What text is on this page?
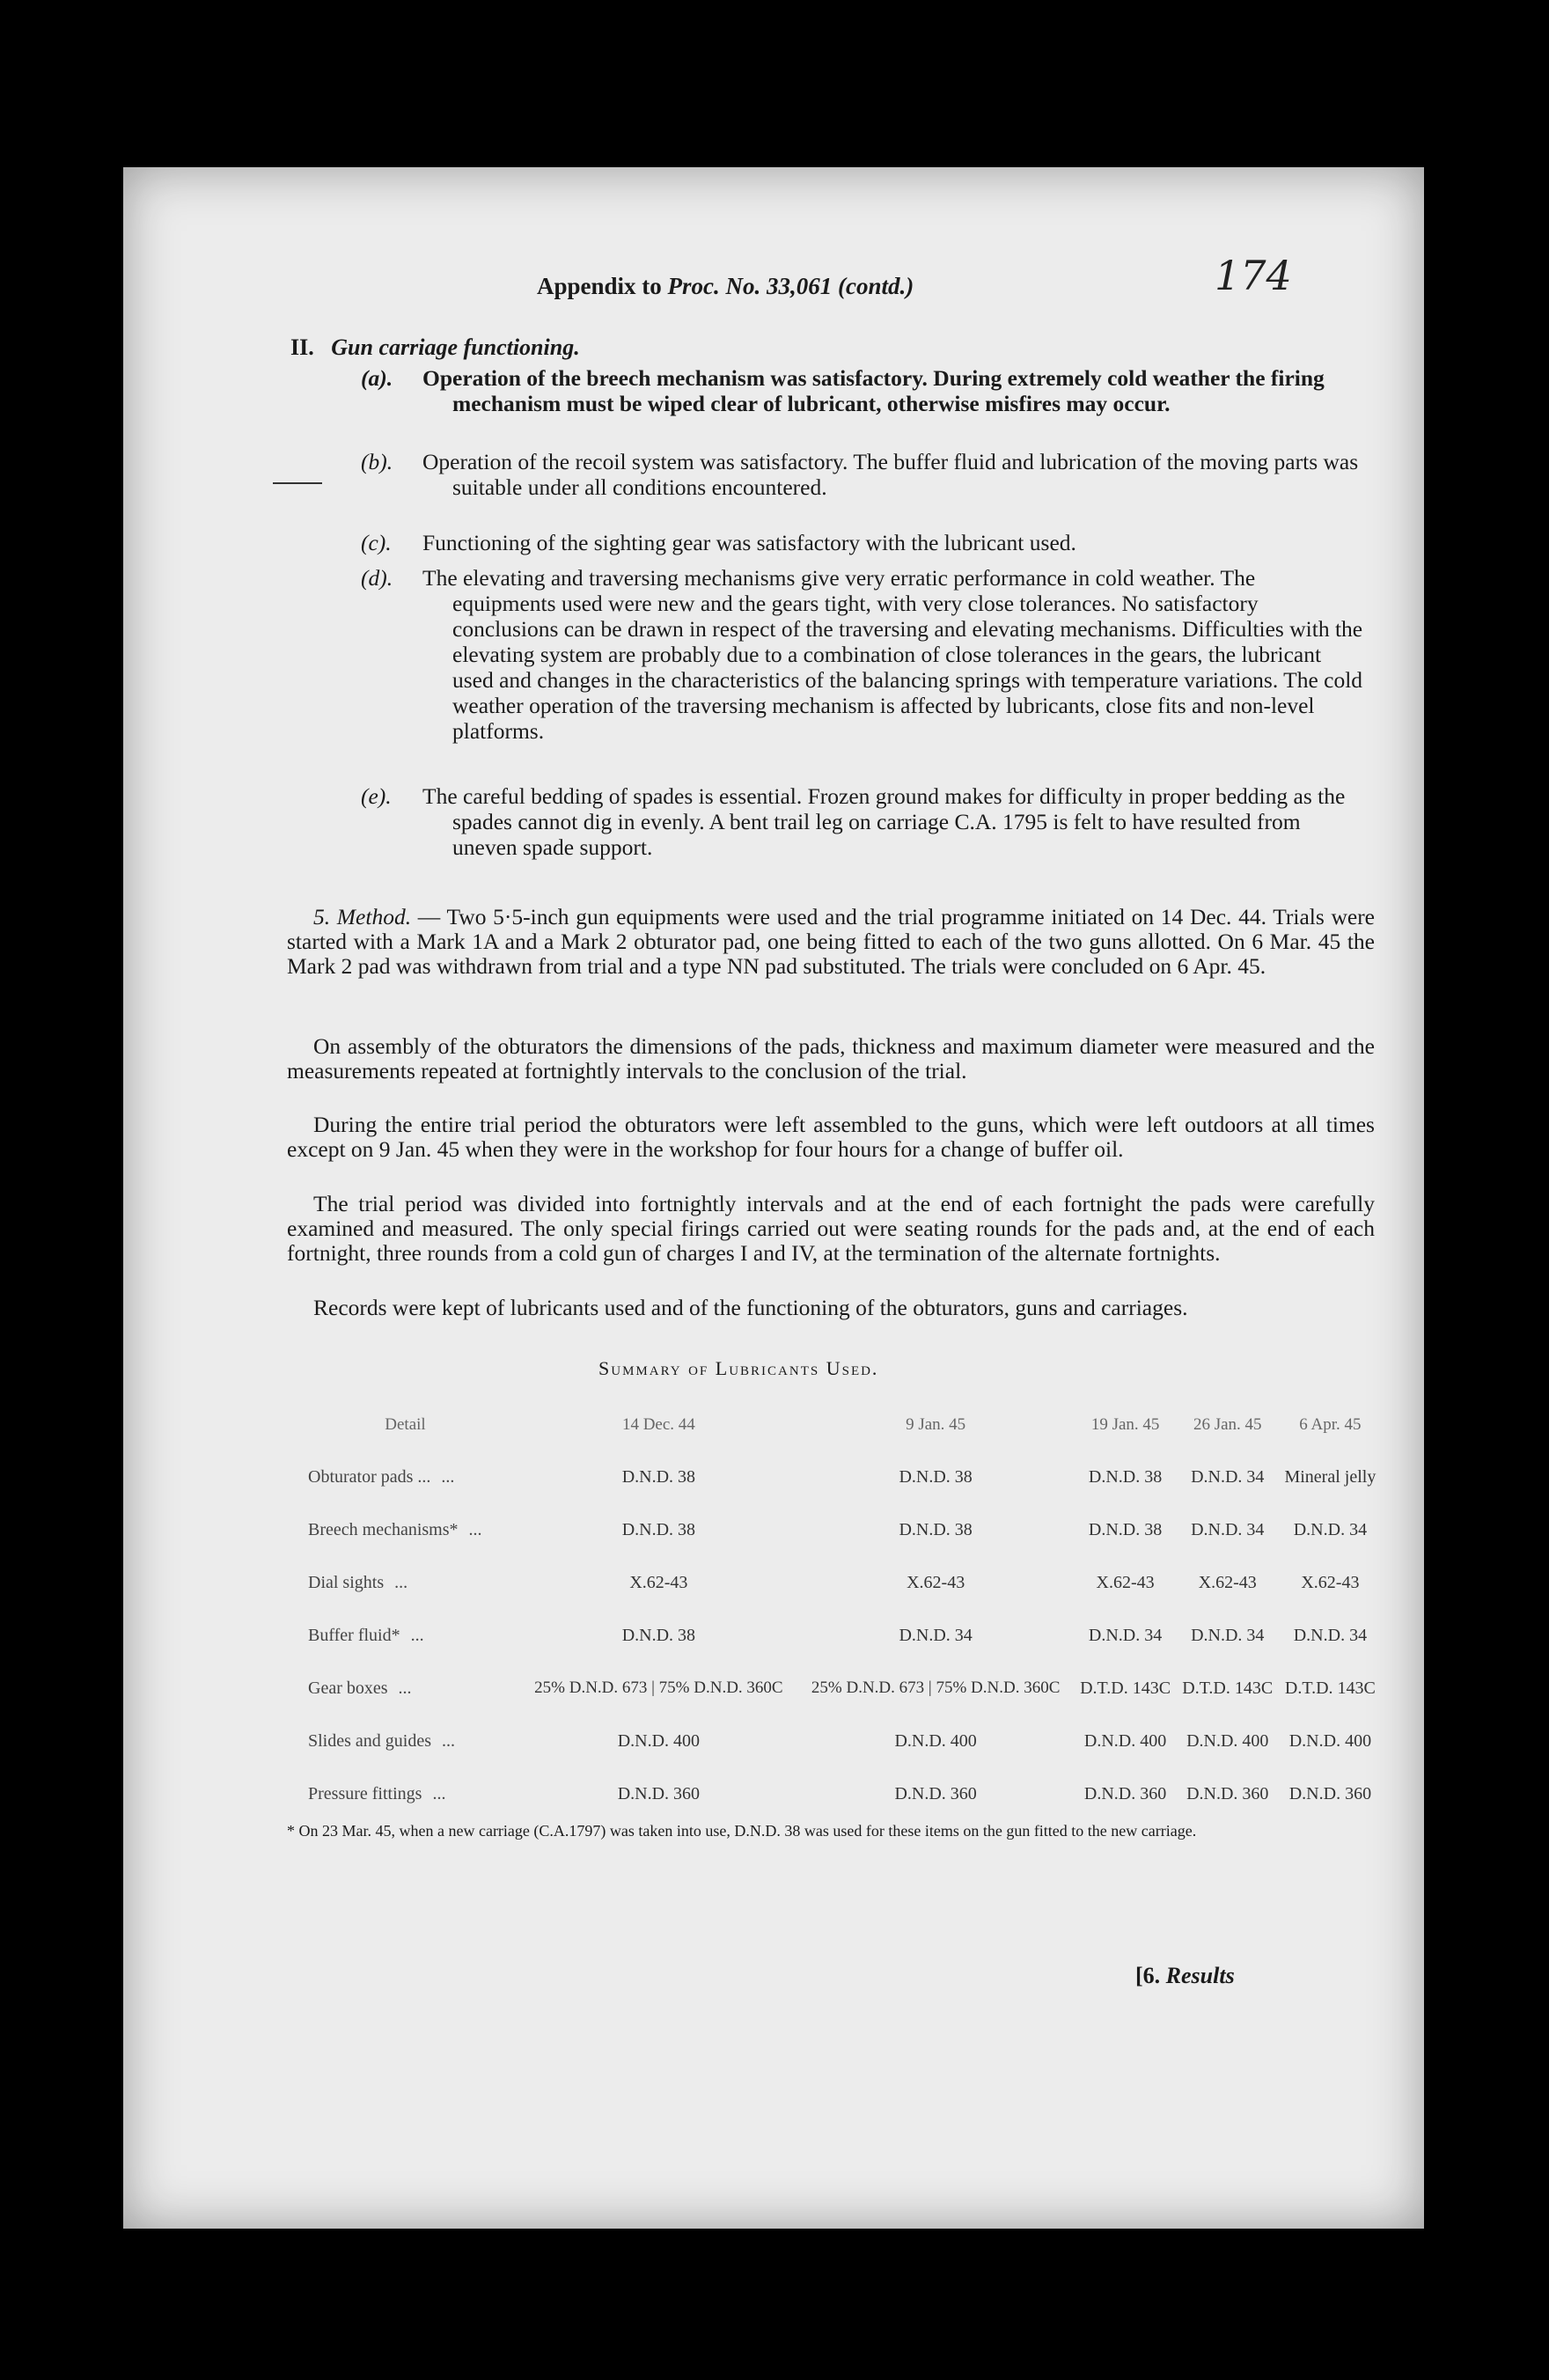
Appendix to Proc. No. 33,061 (contd.)	174
II. Gun carriage functioning.
(a). Operation of the breech mechanism was satisfactory. During extremely cold weather the firing mechanism must be wiped clear of lubricant, otherwise misfires may occur.
(b). Operation of the recoil system was satisfactory. The buffer fluid and lubrication of the moving parts was suitable under all conditions encountered.
(c). Functioning of the sighting gear was satisfactory with the lubricant used.
(d). The elevating and traversing mechanisms give very erratic performance in cold weather. The equipments used were new and the gears tight, with very close tolerances. No satisfactory conclusions can be drawn in respect of the traversing and elevating mechanisms. Difficulties with the elevating system are probably due to a combination of close tolerances in the gears, the lubricant used and changes in the characteristics of the balancing springs with temperature variations. The cold weather operation of the traversing mechanism is affected by lubricants, close fits and non-level platforms.
(e). The careful bedding of spades is essential. Frozen ground makes for difficulty in proper bedding as the spades cannot dig in evenly. A bent trail leg on carriage C.A. 1795 is felt to have resulted from uneven spade support.
5. Method. — Two 5·5-inch gun equipments were used and the trial programme initiated on 14 Dec. 44. Trials were started with a Mark 1A and a Mark 2 obturator pad, one being fitted to each of the two guns allotted. On 6 Mar. 45 the Mark 2 pad was withdrawn from trial and a type NN pad substituted. The trials were concluded on 6 Apr. 45.
On assembly of the obturators the dimensions of the pads, thickness and maximum diameter were measured and the measurements repeated at fortnightly intervals to the conclusion of the trial.
During the entire trial period the obturators were left assembled to the guns, which were left outdoors at all times except on 9 Jan. 45 when they were in the workshop for four hours for a change of buffer oil.
The trial period was divided into fortnightly intervals and at the end of each fortnight the pads were carefully examined and measured. The only special firings carried out were seating rounds for the pads and, at the end of each fortnight, three rounds from a cold gun of charges I and IV, at the termination of the alternate fortnights.
Records were kept of lubricants used and of the functioning of the obturators, guns and carriages.
Summary of Lubricants Used.
Detail	14 Dec. 44	9 Jan. 45	19 Jan. 45	26 Jan. 45	6 Apr. 45
Obturator pads ... ...	D.N.D. 38	D.N.D. 38	D.N.D. 38	D.N.D. 34	Mineral jelly
Breech mechanisms* ...	D.N.D. 38	D.N.D. 38	D.N.D. 38	D.N.D. 34	D.N.D. 34
Dial sights ...	X.62-43	X.62-43	X.62-43	X.62-43	X.62-43
Buffer fluid* ...	D.N.D. 38	D.N.D. 34	D.N.D. 34	D.N.D. 34	D.N.D. 34
Gear boxes ...	25% D.N.D. 673 | 75% D.N.D. 360C	25% D.N.D. 673 | 75% D.N.D. 360C	D.T.D. 143C	D.T.D. 143C	D.T.D. 143C
Slides and guides ...	D.N.D. 400	D.N.D. 400	D.N.D. 400	D.N.D. 400	D.N.D. 400
Pressure fittings ...	D.N.D. 360	D.N.D. 360	D.N.D. 360	D.N.D. 360	D.N.D. 360
* On 23 Mar. 45, when a new carriage (C.A.1797) was taken into use, D.N.D. 38 was used for these items on the gun fitted to the new carriage.
[6. Results
